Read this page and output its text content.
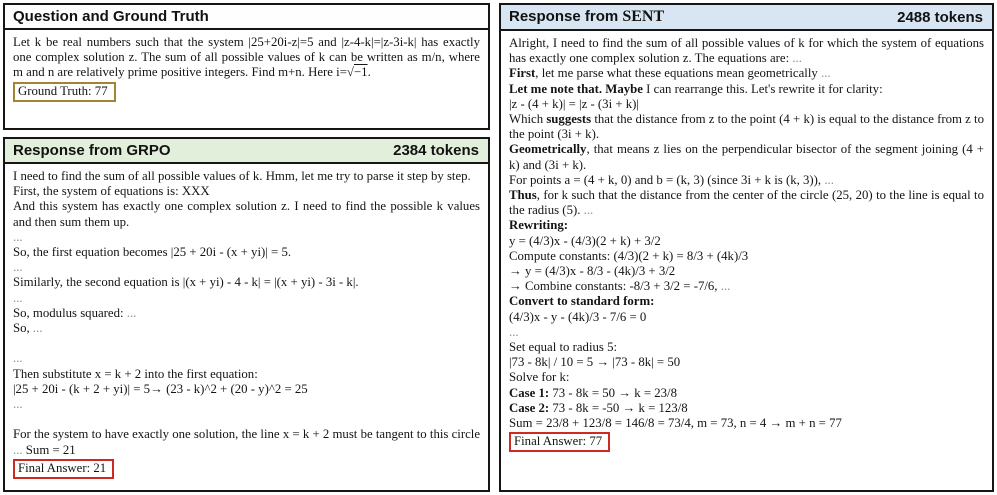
Question and Ground Truth
Let k be real numbers such that the system |25+20i-z|=5 and |z-4-k|=|z-3i-k| has exactly one complex solution z. The sum of all possible values of k can be written as m/n, where m and n are relatively prime positive integers. Find m+n. Here i=√−1.
Ground Truth: 77
Response from GRPO	2384 tokens
I need to find the sum of all possible values of k. Hmm, let me try to parse it step by step.
First, the system of equations is: XXX
And this system has exactly one complex solution z. I need to find the possible k values and then sum them up.
...
So, the first equation becomes |25 + 20i - (x + yi)| = 5.
...
Similarly, the second equation is |(x + yi) - 4 - k| = |(x + yi) - 3i - k|.
...
So, modulus squared: ...
So, ...

...
Then substitute x = k + 2 into the first equation:
|25 + 20i - (k + 2 + yi)| = 5→ (23 - k)^2 + (20 - y)^2 = 25
...

For the system to have exactly one solution, the line x = k + 2 must be tangent to this circle ... Sum = 21
Final Answer: 21
Response from SENT	2488 tokens
Alright, I need to find the sum of all possible values of k for which the system of equations has exactly one complex solution z. The equations are: ...
First, let me parse what these equations mean geometrically ...
Let me note that. Maybe I can rearrange this. Let's rewrite it for clarity:
|z - (4 + k)| = |z - (3i + k)|
Which suggests that the distance from z to the point (4 + k) is equal to the distance from z to the point (3i + k).
Geometrically, that means z lies on the perpendicular bisector of the segment joining (4 + k) and (3i + k).
For points a = (4 + k, 0) and b = (k, 3) (since 3i + k is (k, 3)), ...
Thus, for k such that the distance from the center of the circle (25, 20) to the line is equal to the radius (5). ...
Rewriting:
y = (4/3)x - (4/3)(2 + k) + 3/2
Compute constants: (4/3)(2 + k) = 8/3 + (4k)/3
→ y = (4/3)x - 8/3 - (4k)/3 + 3/2
→ Combine constants: -8/3 + 3/2 = -7/6, ...
Convert to standard form:
(4/3)x - y - (4k)/3 - 7/6 = 0
...
Set equal to radius 5:
|73 - 8k| / 10 = 5 → |73 - 8k| = 50
Solve for k:
Case 1: 73 - 8k = 50 → k = 23/8
Case 2: 73 - 8k = -50 → k = 123/8
Sum = 23/8 + 123/8 = 146/8 = 73/4, m = 73, n = 4 → m + n = 77
Final Answer: 77
